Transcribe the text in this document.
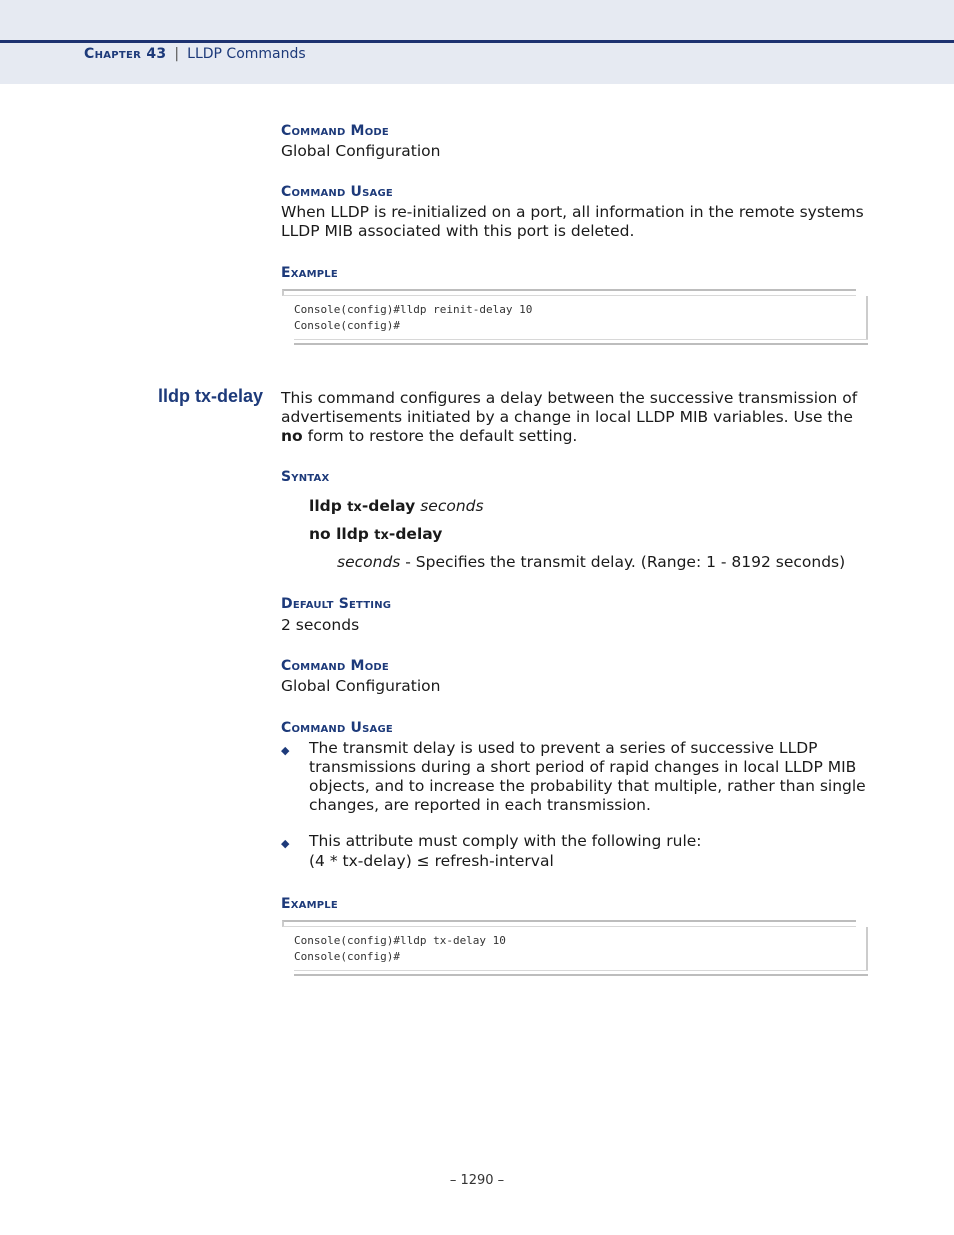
Chapter 43 | LLDP Commands
Command Mode
Global Configuration
Command Usage
When LLDP is re-initialized on a port, all information in the remote systems LLDP MIB associated with this port is deleted.
Example
Console(config)#lldp reinit-delay 10
Console(config)#
lldp tx-delay This command configures a delay between the successive transmission of advertisements initiated by a change in local LLDP MIB variables. Use the no form to restore the default setting.

Syntax
lldp tx-delay seconds
no lldp tx-delay
seconds - Specifies the transmit delay. (Range: 1 - 8192 seconds)
Default Setting
2 seconds
Command Mode
Global Configuration
Command Usage
◆ The transmit delay is used to prevent a series of successive LLDP transmissions during a short period of rapid changes in local LLDP MIB objects, and to increase the probability that multiple, rather than single changes, are reported in each transmission.
◆ This attribute must comply with the following rule:
(4 * tx-delay) ≤ refresh-interval
Example
Console(config)#lldp tx-delay 10
Console(config)#
– 1290 –
